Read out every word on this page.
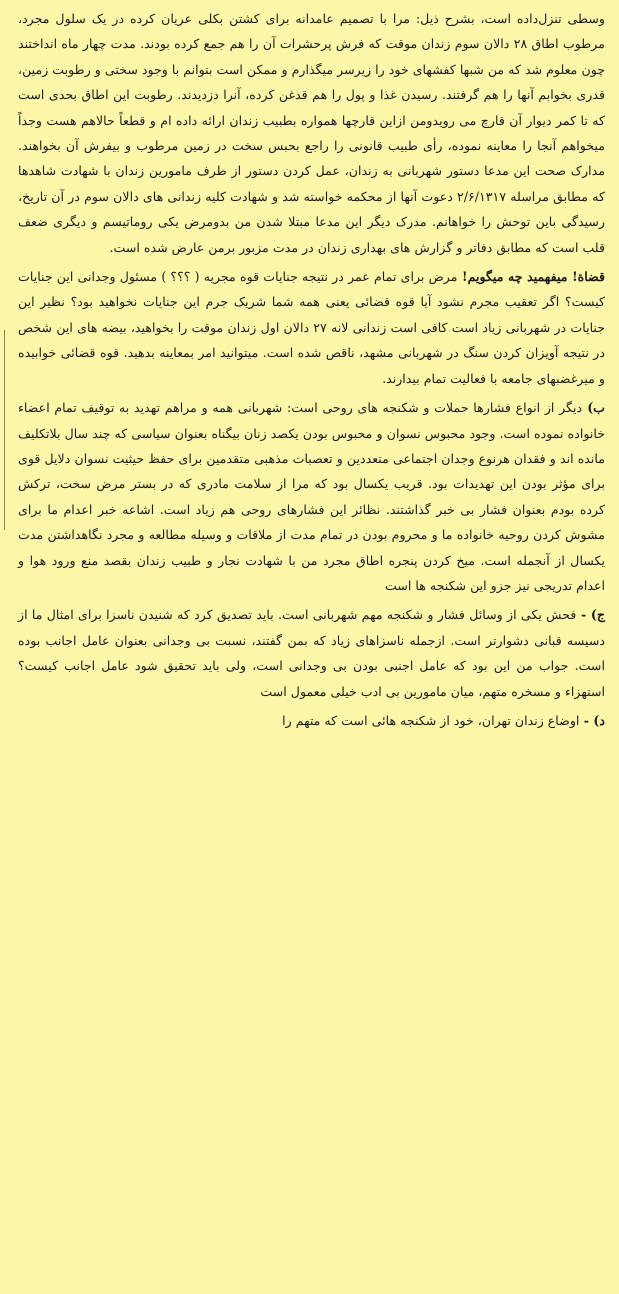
وسطی تنزل‌داده است، بشرح ذیل: مرا با تصمیم عامدانه برای کشتن بکلی عریان کرده در یک سلول مجرد، مرطوب اطاق ۲۸ دالان سوم زندان موقت که فرش پرحشرات آن را هم جمع کرده بودند. مدت چهار ماه انداختند چون معلوم شد که من شبها کفشهای خود را زیرسر میگذارم و ممکن است بتوانم با وجود سختی و رطوبت زمین، قدری بخوابم آنها را هم گرفتند. رسیدن غذا و پول را هم قدغن کرده، آنرا دزدیدند. رطوبت این اطاق بحدی است که تا کمر دیوار آن قارچ می رویدومن ازاین قارچها همواره بطبیب زندان ارائه داده ام و قطعاً حالاهم هست وجداً میخواهم آنجا را معاینه نموده، رأی طبیب قانونی را راجع بحبس سخت در زمین مرطوب و بیفرش آن بخواهند. مدارک صحت این مدعا دستور شهربانی به زندان، عمل کردن دستور از طرف مامورین زندان با شهادت شاهدها که مطابق مراسله ۲/۶/۱۳۱۷ دعوت آنها از محکمه خواسته شد و شهادت کلیه زندانی های دالان سوم در آن تاریخ، رسیدگی باین توحش را خواهانم. مدرک دیگر این مدعا مبتلا شدن من بدومرض یکی روماتیسم و دیگری ضعف قلب است که مطابق دفاتر و گزارش های بهداری زندان در مدت مزبور برمن عارض شده است.

قضاة! میفهمید چه میگویم! مرض برای تمام عمر در نتیجه جنایات قوه مجریه ( ؟؟؟ ) مسئول وجدانی این جنایات کیست؟ اگر تعقیب مجرم نشود آیا قوه قضائی یعنی همه شما شریک جرم این جنایات نخواهید بود؟ نظیر این جنایات در شهربانی زیاد است کافی است زندانی لانه ۲۷ دالان اول زندان موقت را بخواهید، بیضه های این شخص در نتیجه آویزان کردن سنگ در شهربانی مشهد، ناقص شده است. میتوانید امر بمعاینه بدهید. قوه قضائی خوابیده و میرغضبهای جامعه با فعالیت تمام بیدارند.

ب) دیگر از انواع فشارها حملات و شکنجه های روحی است: شهربانی همه و مراهم تهدید به توقیف تمام اعضاء خانواده نموده است. وجود محبوس نسوان و محبوس بودن یکصد زنان بیگناه بعنوان سیاسی که چند سال بلاتکلیف مانده اند و فقدان هرنوع وجدان اجتماعی متعددین و تعصبات مذهبی متقدمین برای حفظ حیثیت نسوان دلایل قوی برای مؤثر بودن این تهدیدات بود. قریب یکسال بود که مرا از سلامت مادری که در بستر مرض سخت، ترکش کرده بودم بعنوان فشار بی خبر گذاشتند. نظائر این فشارهای روحی هم زیاد است. اشاعه خبر اعدام ما برای مشوش کردن روحیه خانواده ما و محروم بودن در تمام مدت از ملاقات و وسیله مطالعه و مجرد نگاهداشتن مدت یکسال از آنجمله است. میخ کردن پنجره اطاق مجرد من با شهادت نجار و طبیب زندان بقصد منع ورود هوا و اعدام تدریجی نیز جزو این شکنجه ها است

ج) - فحش یکی از وسائل فشار و شکنجه مهم شهربانی است. باید تصدیق کرد که شنیدن ناسزا برای امثال ما از دسیسه قبانی دشوارتر است. ازجمله ناسزاهای زیاد که بمن گفتند، نسبت بی وجدانی بعنوان عامل اجانب بوده است. جواب من این بود که عامل اجنبی بودن بی وجدانی است، ولی باید تحقیق شود عامل اجانب کیست؟ استهزاء و مسخره متهم، میان مامورین بی ادب خیلی معمول است

د) - اوضاع زندان تهران، خود از شکنجه هائی است که متهم را
